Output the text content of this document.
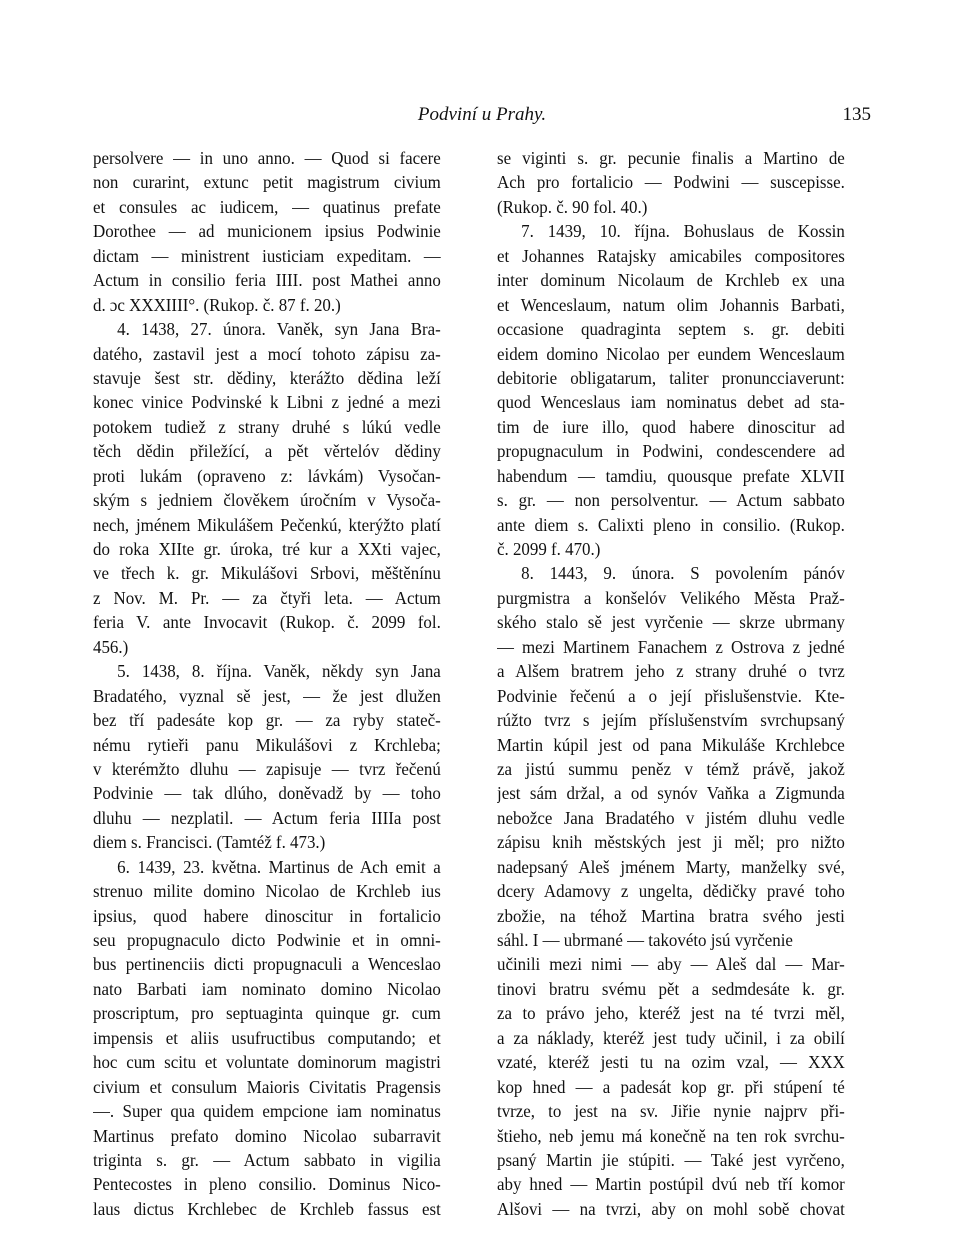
Podviní u Prahy.	135
persolvere — in uno anno. — Quod si facere
non curarint, extunc petit magistrum civium
et consules ac iudicem, — quatinus prefate
Dorothee — ad municionem ipsius Podwinie
dictam — ministrent iusticiam expeditam. —
Actum in consilio feria IIII. post Mathei anno
d. ɔc XXXIIII°. (Rukop. č. 87 f. 20.)
4. 1438, 27. února. Vaněk, syn Jana Bra-
datého, zastavil jest a mocí tohoto zápisu za-
stavuje šest str. dědiny, kterážto dědina leží
konec vinice Podvinské k Libni z jedné a mezi
potokem tudiež z strany druhé s lúkú vedle
těch dědin přiležící, a pět věrtelóv dědiny
proti lukám (opraveno z: lávkám) Vysočan-
ským s jedniem člověkem úročním v Vysoča-
nech, jménem Mikulášem Pečenkú, kterýžto platí
do roka XIIte gr. úroka, tré kur a XXti vajec,
ve třech k. gr. Mikulášovi Srbovi, měštěnínu
z Nov. M. Pr. — za čtyři leta. — Actum
feria V. ante Invocavit (Rukop. č. 2099 fol.
456.)
5. 1438, 8. října. Vaněk, někdy syn Jana
Bradatého, vyznal sě jest, — že jest dlužen
bez tří padesáte kop gr. — za ryby stateč-
nému rytieři panu Mikulášovi z Krchleba;
v kterémžto dluhu — zapisuje — tvrz řečenú
Podvinie — tak dlúho, doněvadž by — toho
dluhu — nezplatil. — Actum feria IIIIa post
diem s. Francisci. (Tamtéž f. 473.)
6. 1439, 23. května. Martinus de Ach emit a
strenuo milite domino Nicolao de Krchleb ius
ipsius, quod habere dinoscitur in fortalicio
seu propugnaculo dicto Podwinie et in omni-
bus pertinenciis dicti propugnaculi a Wenceslao
nato Barbati iam nominato domino Nicolao
proscriptum, pro septuaginta quinque gr. cum
impensis et aliis usufructibus computando; et
hoc cum scitu et voluntate dominorum magistri
civium et consulum Maioris Civitatis Pragensis
—. Super qua quidem empcione iam nominatus
Martinus prefato domino Nicolao subarravit
triginta s. gr. — Actum sabbato in vigilia
Pentecostes in pleno consilio. Dominus Nico-
laus dictus Krchlebec de Krchleb fassus est
se viginti s. gr. pecunie finalis a Martino de
Ach pro fortalicio — Podwini — suscepisse.
(Rukop. č. 90 fol. 40.)
7. 1439, 10. října. Bohuslaus de Kossin
et Johannes Ratajsky amicabiles compositores
inter dominum Nicolaum de Krchleb ex una
et Wenceslaum, natum olim Johannis Barbati,
occasione quadraginta septem s. gr. debiti
eidem domino Nicolao per eundem Wenceslaum
debitorie obligatarum, taliter pronuncciaverunt:
quod Wenceslaus iam nominatus debet ad sta-
tim de iure illo, quod habere dinoscitur ad
propugnaculum in Podwini, condescendere ad
habendum — tamdiu, quousque prefate XLVII
s. gr. — non persolventur. — Actum sabbato
ante diem s. Calixti pleno in consilio. (Rukop.
č. 2099 f. 470.)
8. 1443, 9. února. S povolením pánóv
purgmistra a konšelóv Velikého Města Praž-
ského stalo sě jest vyrčenie — skrze ubrmany
— mezi Martinem Fanachem z Ostrova z jedné
a Alšem bratrem jeho z strany druhé o tvrz
Podvinie řečenú a o její přislušenstvie. Kte-
rúžto tvrz s jejím příslušenstvím svrchupsaný
Martin kúpil jest od pana Mikuláše Krchlebce
za jistú summu peněz v témž právě, jakož
jest sám držal, a od synóv Vaňka a Zigmunda
nebožce Jana Bradatého v jistém dluhu vedle
zápisu knih městských jest ji měl; pro nižto
nadepsaný Aleš jménem Marty, manželky své,
dcery Adamovy z ungelta, dědičky pravé toho
zbožie, na téhož Martina bratra svého jesti
sáhl. I — ubrmané — takovéto jsú vyrčenie
učinili mezi nimi — aby — Aleš dal — Mar-
tinovi bratru svému pět a sedmdesáte k. gr.
za to právo jeho, kteréž jest na té tvrzi měl,
a za náklady, kteréž jest tudy učinil, i za obilí
vzaté, kteréž jesti tu na ozim vzal, — XXX
kop hned — a padesát kop gr. při stúpení té
tvrze, to jest na sv. Jiřie nynie najprv při-
štieho, neb jemu má konečně na ten rok svrchu-
psaný Martin jie stúpiti. — Také jest vyrčeno,
aby hned — Martin postúpil dvú neb tří komor
Alšovi — na tvrzi, aby on mohl sobě chovat
